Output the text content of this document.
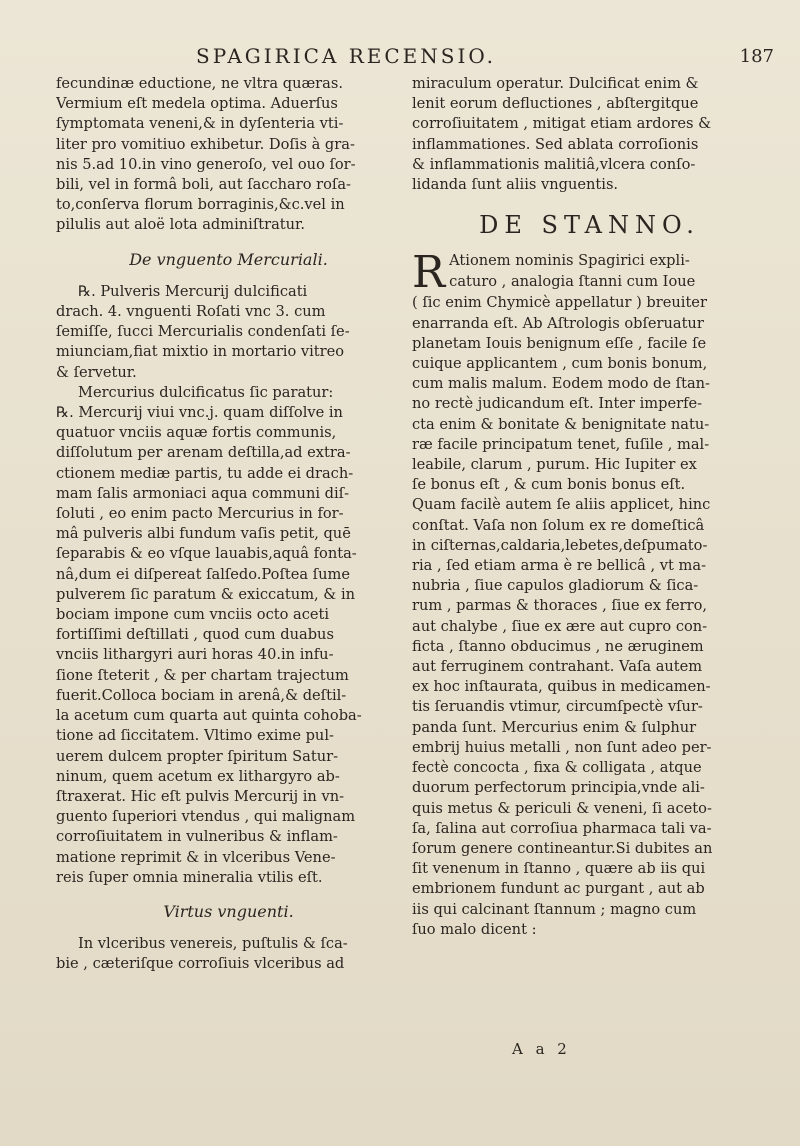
SPAGIRICA RECENSIO.	187
fecundinæ eductione, ne vltra quæras.
Vermium eſt medela optima. Aduerſus
ſymptomata veneni,& in dyſenteria vti-
liter pro vomitiuo exhibetur. Doſis à gra-
nis 5.ad 10.in vino generoſo, vel ouo ſor-
bili, vel in formâ boli, aut ſaccharo roſa-
to,conſerva florum borraginis,&c.vel in
pilulis aut aloë lota adminiſtratur.
De vnguento Mercuriali.
℞. Pulveris Mercurij dulcificati
drach. 4. vnguenti Roſati vnc 3. cum
ſemiſſe, ſucci Mercurialis condenſati ſe-
miunciam,fiat mixtio in mortario vitreo
& ſervetur.
Mercurius dulcificatus ſic paratur:
℞. Mercurij viui vnc.j. quam diſſolve in
quatuor vnciis aquæ fortis communis,
diſſolutum per arenam deſtilla,ad extra-
ctionem mediæ partis, tu adde ei drach-
mam ſalis armoniaci aqua communi diſ-
ſoluti , eo enim pacto Mercurius in for-
mâ pulveris albi fundum vaſis petit, quē
ſeparabis & eo vſque lauabis,aquâ fonta-
nâ,dum ei diſpereat ſalſedo.Poſtea ſume
pulverem ſic paratum & exiccatum, & in
bociam impone cum vnciis octo aceti
fortiſſimi deſtillati , quod cum duabus
vnciis lithargyri auri horas 40.in infu-
ſione ſteterit , & per chartam trajectum
fuerit.Colloca bociam in arenâ,& deſtil-
la acetum cum quarta aut quinta cohoba-
tione ad ſiccitatem. Vltimo exime pul-
uerem dulcem propter ſpiritum Satur-
ninum, quem acetum ex lithargyro ab-
ſtraxerat. Hic eſt pulvis Mercurij in vn-
guento ſuperiori vtendus , qui malignam
corroſiuitatem in vulneribus & inflam-
matione reprimit & in vlceribus Vene-
reis ſuper omnia mineralia vtilis eſt.
Virtus vnguenti.
In vlceribus venereis, puſtulis & ſca-
bie , cæteriſque corroſiuis vlceribus ad
miraculum operatur. Dulcificat enim &
lenit eorum defluctiones , abſtergitque
corroſiuitatem , mitigat etiam ardores &
inflammationes. Sed ablata corroſionis
& inflammationis malitiâ,vlcera conſo-
lidanda ſunt aliis vnguentis.
DE STANNO.
R Ationem nominis Spagirici expli-
caturo , analogia ſtanni cum Ioue
( ſic enim Chymicè appellatur ) breuiter
enarranda eſt. Ab Aſtrologis obſeruatur
planetam Iouis benignum eſſe , facile ſe
cuique applicantem , cum bonis bonum,
cum malis malum. Eodem modo de ſtan-
no rectè judicandum eſt. Inter imperfe-
cta enim & bonitate & benignitate natu-
ræ facile principatum tenet, fuſile , mal-
leabile, clarum , purum. Hic Iupiter ex
ſe bonus eſt , & cum bonis bonus eſt.
Quam facilè autem ſe aliis applicet, hinc
conſtat. Vaſa non ſolum ex re domeſticâ
in ciſternas,caldaria,lebetes,deſpumato-
ria , ſed etiam arma è re bellicâ , vt ma-
nubria , ſiue capulos gladiorum & ſica-
rum , parmas & thoraces , ſiue ex ferro,
aut chalybe , ſiue ex ære aut cupro con-
ficta , ſtanno obducimus , ne æruginem
aut ferruginem contrahant. Vaſa autem
ex hoc inſtaurata, quibus in medicamen-
tis ſeruandis vtimur, circumſpectè vſur-
panda ſunt. Mercurius enim & ſulphur
embrij huius metalli , non ſunt adeo per-
fectè concocta , fixa & colligata , atque
duorum perfectorum principia,vnde ali-
quis metus & periculi & veneni, ſi aceto-
ſa, ſalina aut corroſiua pharmaca tali va-
ſorum genere contineantur.Si dubites an
ſit venenum in ſtanno , quære ab iis qui
embrionem fundunt ac purgant , aut ab
iis qui calcinant ſtannum ; magno cum
ſuo malo dicent :
A a 2
